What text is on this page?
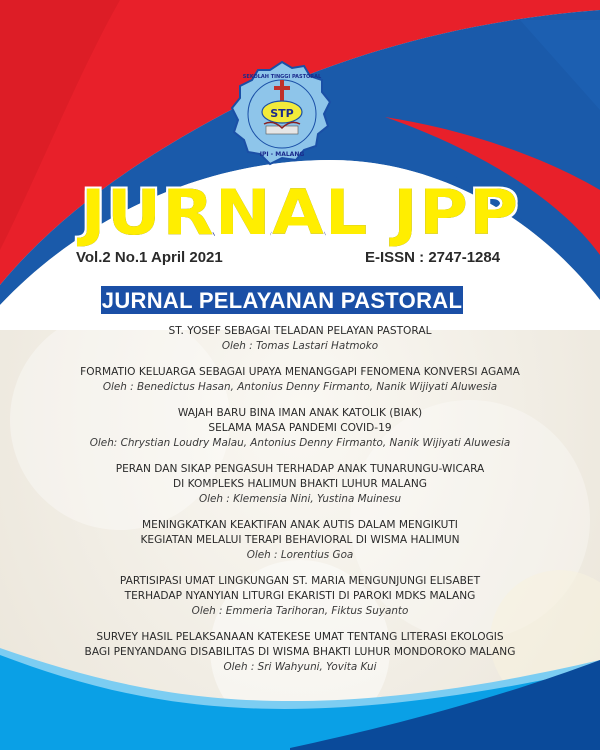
STP
IPI - MALANG
SEKOLAH TINGGI PASTORAL
JURNAL JPP
Vol.2 No.1 April 2021	E-ISSN : 2747-1284
JURNAL PELAYANAN PASTORAL
ST. YOSEF SEBAGAI TELADAN PELAYAN PASTORAL
Oleh : Tomas Lastari Hatmoko
FORMATIO KELUARGA SEBAGAI UPAYA MENANGGAPI FENOMENA KONVERSI AGAMA
Oleh : Benedictus Hasan, Antonius Denny Firmanto, Nanik Wijiyati Aluwesia
WAJAH BARU BINA IMAN ANAK KATOLIK (BIAK)
SELAMA MASA PANDEMI COVID-19
Oleh: Chrystian Loudry Malau, Antonius Denny Firmanto, Nanik Wijiyati Aluwesia
PERAN DAN SIKAP PENGASUH TERHADAP ANAK TUNARUNGU-WICARA
DI KOMPLEKS HALIMUN BHAKTI LUHUR MALANG
Oleh : Klemensia Nini, Yustina Muinesu
MENINGKATKAN KEAKTIFAN ANAK AUTIS DALAM MENGIKUTI
KEGIATAN MELALUI TERAPI BEHAVIORAL DI WISMA HALIMUN
Oleh : Lorentius Goa
PARTISIPASI UMAT LINGKUNGAN ST. MARIA MENGUNJUNGI ELISABET
TERHADAP NYANYIAN LITURGI EKARISTI DI PAROKI MDKS MALANG
Oleh : Emmeria Tarihoran, Fiktus Suyanto
SURVEY HASIL PELAKSANAAN KATEKESE UMAT TENTANG LITERASI EKOLOGIS
BAGI PENYANDANG DISABILITAS DI WISMA BHAKTI LUHUR MONDOROKO MALANG
Oleh : Sri Wahyuni, Yovita Kui
